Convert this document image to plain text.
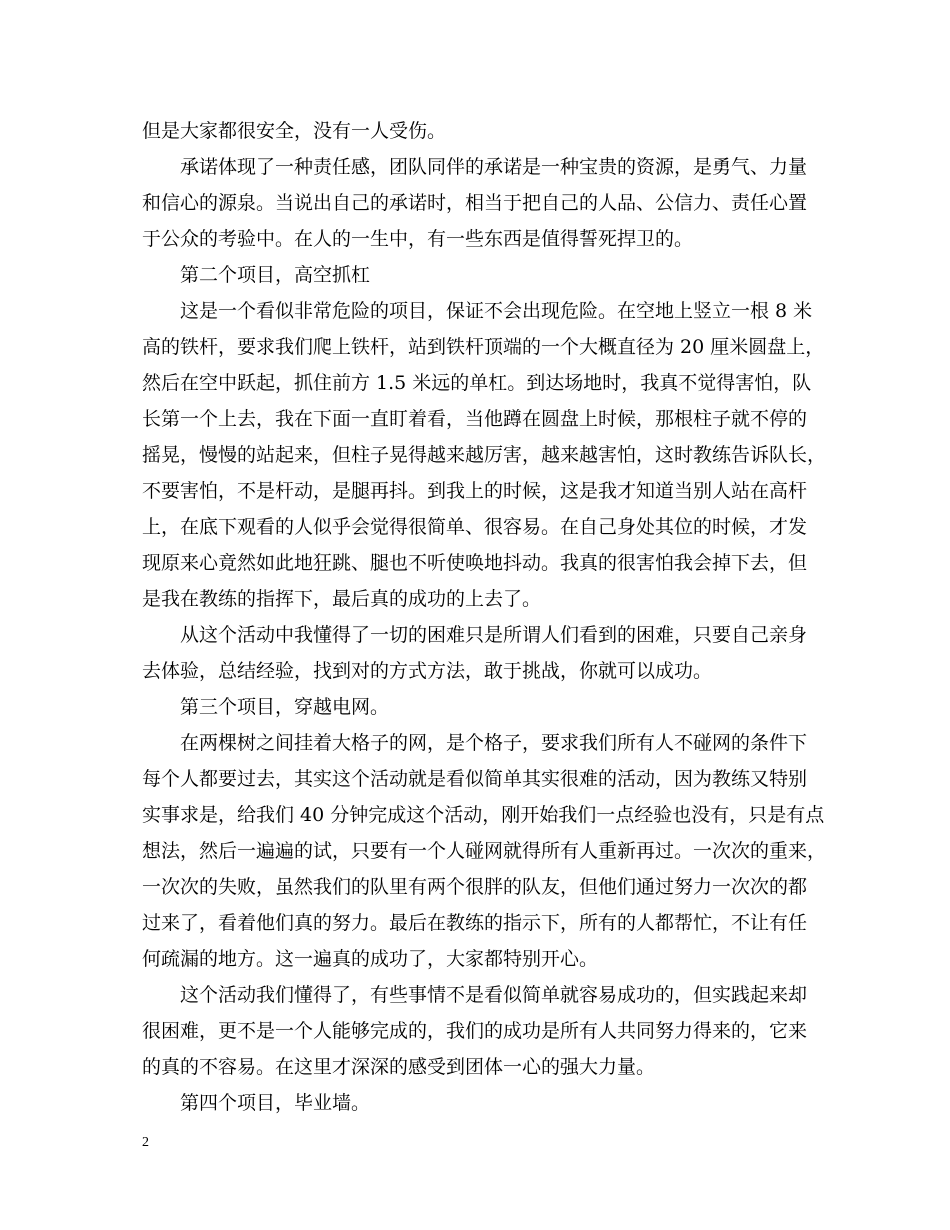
但是大家都很安全，没有一人受伤。
承诺体现了一种责任感，团队同伴的承诺是一种宝贵的资源，是勇气、力量
和信心的源泉。当说出自己的承诺时，相当于把自己的人品、公信力、责任心置
于公众的考验中。在人的一生中，有一些东西是值得誓死捍卫的。
第二个项目，高空抓杠
这是一个看似非常危险的项目，保证不会出现危险。在空地上竖立一根 8 米
高的铁杆，要求我们爬上铁杆，站到铁杆顶端的一个大概直径为 20 厘米圆盘上，
然后在空中跃起，抓住前方 1.5 米远的单杠。到达场地时，我真不觉得害怕，队
长第一个上去，我在下面一直盯着看，当他蹲在圆盘上时候，那根柱子就不停的
摇晃，慢慢的站起来，但柱子晃得越来越厉害，越来越害怕，这时教练告诉队长，
不要害怕，不是杆动，是腿再抖。到我上的时候，这是我才知道当别人站在高杆
上，在底下观看的人似乎会觉得很简单、很容易。在自己身处其位的时候，才发
现原来心竟然如此地狂跳、腿也不听使唤地抖动。我真的很害怕我会掉下去，但
是我在教练的指挥下，最后真的成功的上去了。
从这个活动中我懂得了一切的困难只是所谓人们看到的困难，只要自己亲身
去体验，总结经验，找到对的方式方法，敢于挑战，你就可以成功。
第三个项目，穿越电网。
在两棵树之间挂着大格子的网，是个格子，要求我们所有人不碰网的条件下
每个人都要过去，其实这个活动就是看似简单其实很难的活动，因为教练又特别
实事求是，给我们 40 分钟完成这个活动，刚开始我们一点经验也没有，只是有点
想法，然后一遍遍的试，只要有一个人碰网就得所有人重新再过。一次次的重来，
一次次的失败，虽然我们的队里有两个很胖的队友，但他们通过努力一次次的都
过来了，看着他们真的努力。最后在教练的指示下，所有的人都帮忙，不让有任
何疏漏的地方。这一遍真的成功了，大家都特别开心。
这个活动我们懂得了，有些事情不是看似简单就容易成功的，但实践起来却
很困难，更不是一个人能够完成的，我们的成功是所有人共同努力得来的，它来
的真的不容易。在这里才深深的感受到团体一心的强大力量。
第四个项目，毕业墙。
2
